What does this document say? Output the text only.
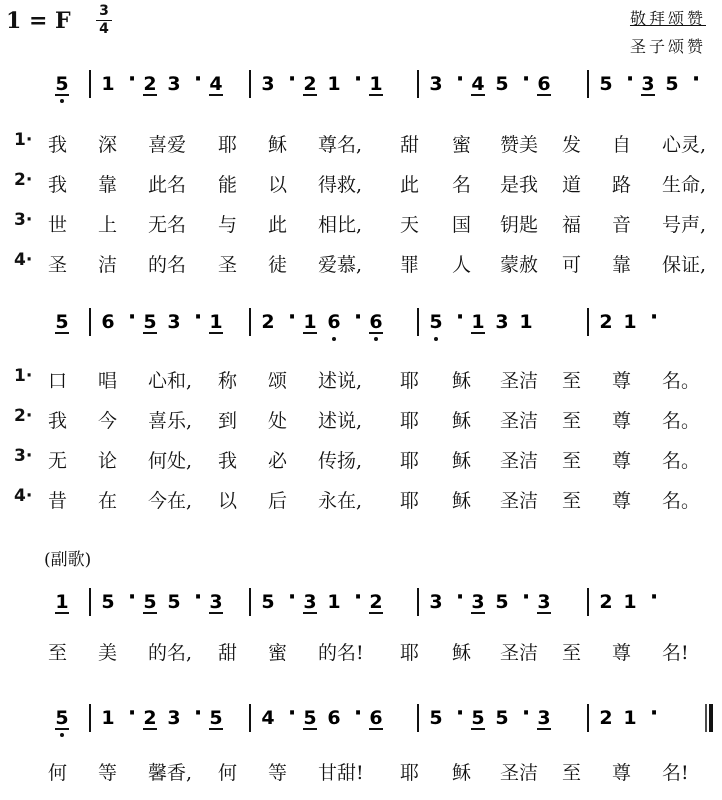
1 = F 3
4
敬拜颂赞
圣子颂赞
5 1 · 2 3 · 4 3 · 2 1 · 1 3 · 4 5 · 6	5 · 3 5 ·
5 6 · 5 3 · 1 2 · 1 6 · 6 5 · 1 3 1	2 1 ·
1 5 · 5 5 · 3 5 · 3 1 · 2 3 · 3 5 · 3	2 1 ·
5 1 · 2 3 · 5 4 · 5 6 · 6 5 · 5 5 · 3	2 1 ·
1· 我 深 喜爱 耶 稣 尊名, 甜 蜜 赞美 发 自 心灵,
2· 我 靠 此名 能 以 得救, 此 名 是我 道 路 生命,
3· 世 上 无名 与 此 相比, 天 国 钥匙 福 音 号声,
4· 圣 洁 的名 圣 徒 爱慕, 罪 人 蒙赦 可 靠 保证,
1· 口 唱 心和, 称 颂 述说, 耶 稣 圣洁 至 尊 名。
2· 我 今 喜乐, 到 处 述说, 耶 稣 圣洁 至 尊 名。
3· 无 论 何处, 我 必 传扬, 耶 稣 圣洁 至 尊 名。
4· 昔 在 今在, 以 后 永在, 耶 稣 圣洁 至 尊 名。
至 美 的名, 甜 蜜 的名! 耶 稣 圣洁 至 尊 名!
何 等 馨香, 何 等 甘甜! 耶 稣 圣洁 至 尊 名!
(副歌)
